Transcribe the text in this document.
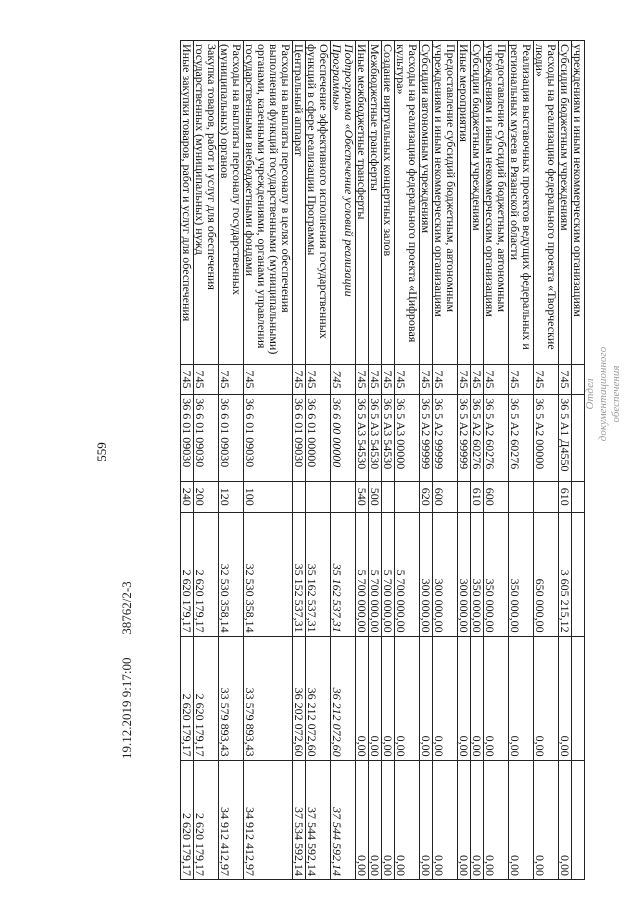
559
учреждениям и иным некоммерческим организациям						
Субсидии бюджетным учреждениям	745	36 5 A1 Д4550	610	3 605 215,12	0,00	0,00
Расходы на реализацию федерального проекта «Творческие люди»	745	36 5 A2 00000		650 000,00	0,00	0,00
Реализация выставочных проектов ведущих федеральных и региональных музеев в Рязанской области	745	36 5 A2 60276		350 000,00	0,00	0,00
Предоставление субсидий бюджетным, автономным учреждениям и иным некоммерческим организациям	745	36 5 A2 60276	600	350 000,00	0,00	0,00
Субсидии бюджетным учреждениям	745	36 5 A2 60276	610	350 000,00	0,00	0,00
Иные мероприятия	745	36 5 A2 99999		300 000,00	0,00	0,00
Предоставление субсидий бюджетным, автономным учреждениям и иным некоммерческим организациям	745	36 5 A2 99999	600	300 000,00	0,00	0,00
Субсидии автономным учреждениям	745	36 5 A2 99999	620	300 000,00	0,00	0,00
Расходы на реализацию федерального проекта «Цифровая культура»	745	36 5 A3 00000		5 700 000,00	0,00	0,00
Создание виртуальных концертных залов	745	36 5 A3 54530		5 700 000,00	0,00	0,00
Межбюджетные трансферты	745	36 5 A3 54530	500	5 700 000,00	0,00	0,00
Иные межбюджетные трансферты	745	36 5 A3 54530	540	5 700 000,00	0,00	0,00
Подпрограмма «Обеспечение условий реализации Программы»	745	36 6 00 00000		35 162 537,31	36 212 072,60	37 544 592,14
Обеспечение эффективного исполнения государственных функций в сфере реализации Программы	745	36 6 01 00000		35 162 537,31	36 212 072,60	37 544 592,14
Центральный аппарат	745	36 6 01 09030		35 152 537,31	36 202 072,60	37 534 592,14
Расходы на выплаты персоналу в целях обеспечения выполнения функций государственными (муниципальными) органами, казенными учреждениями, органами управления государственными внебюджетными фондами	745	36 6 01 09030	100	32 530 358,14	33 579 893,43	34 912 412,97
Расходы на выплаты персоналу государственных (муниципальных) органов	745	36 6 01 09030	120	32 530 358,14	33 579 893,43	34 912 412,97
Закупка товаров, работ и услуг для обеспечения государственных (муниципальных) нужд	745	36 6 01 09030	200	2 620 179,17	2 620 179,17	2 620 179,17
Иные закупки товаров, работ и услуг для обеспечения	745	36 6 01 09030	240	2 620 179,17	2 620 179,17	2 620 179,17
19.12.2019 9:17:00       38762/2-3
Отдел документационного обеспечения
